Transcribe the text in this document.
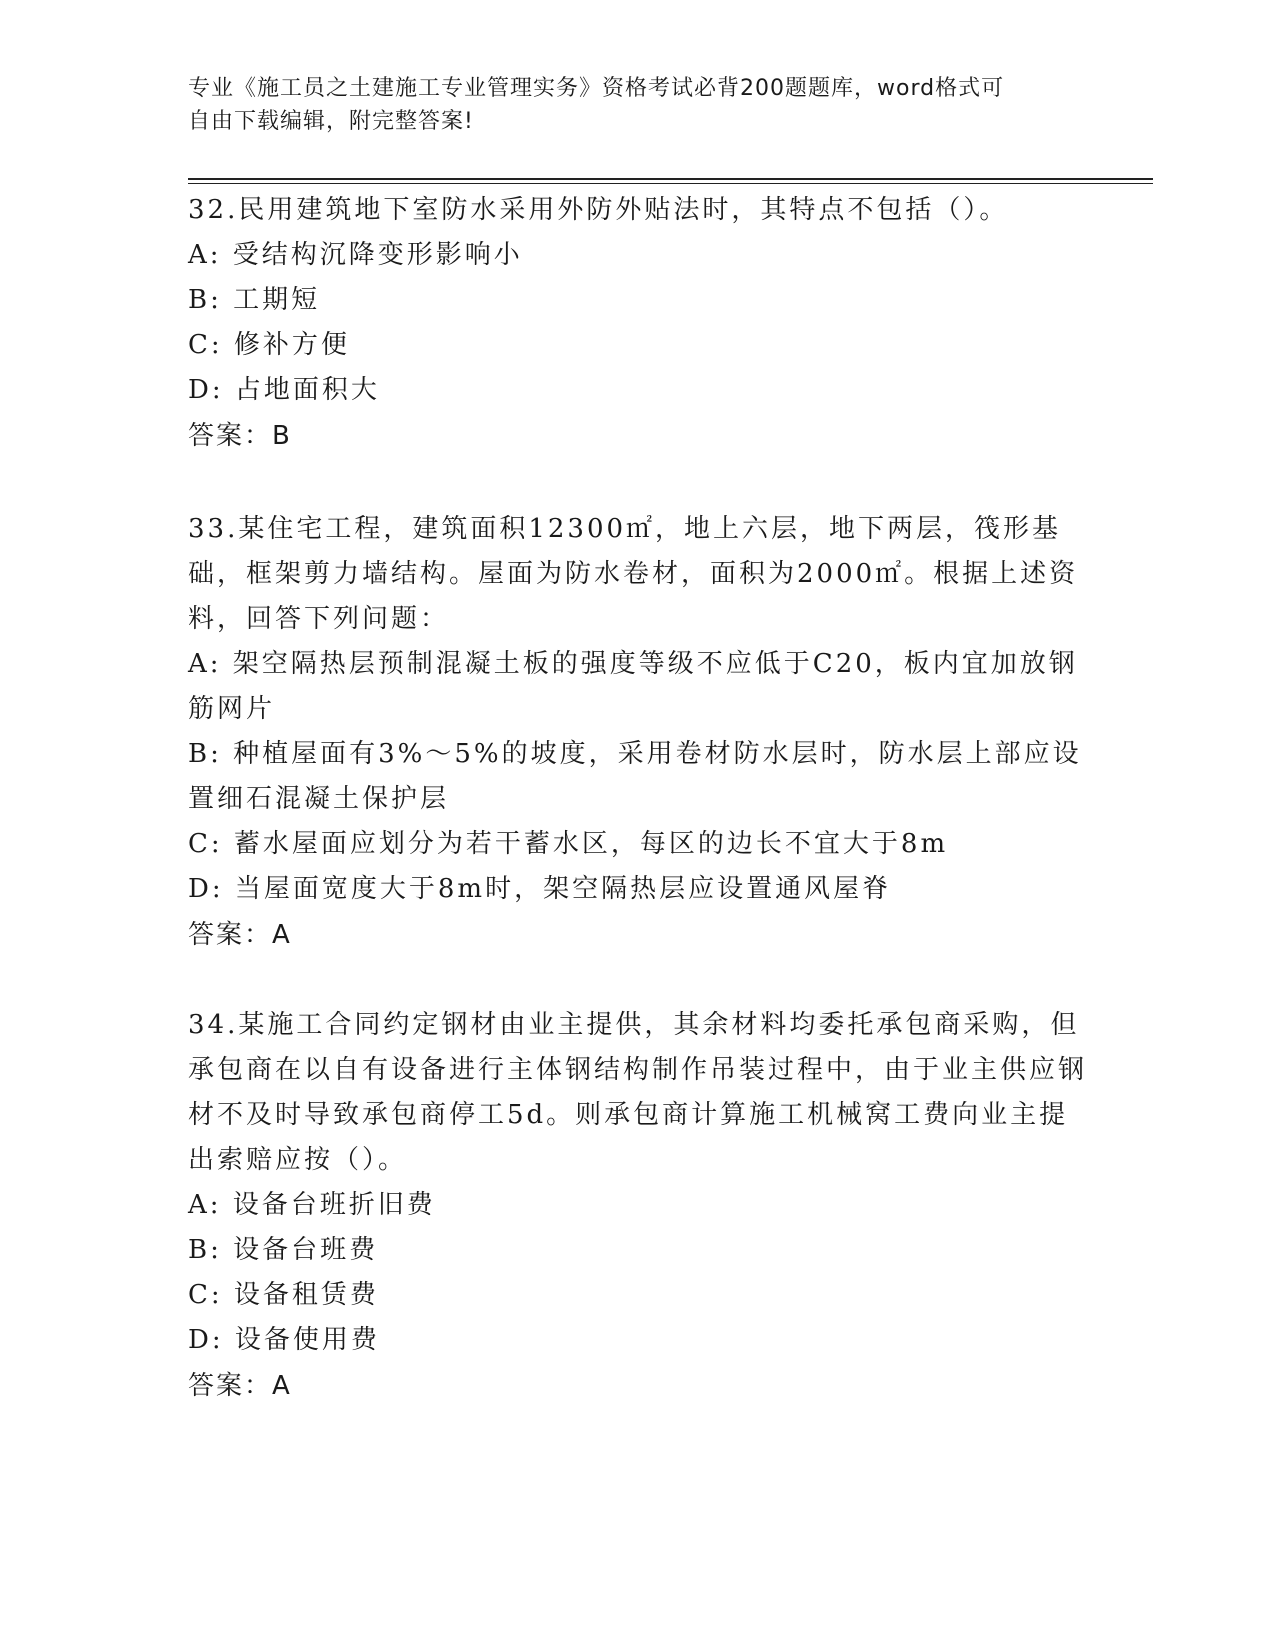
专业《施工员之土建施工专业管理实务》资格考试必背200题题库，word格式可
自由下载编辑，附完整答案!
32.民用建筑地下室防水采用外防外贴法时，其特点不包括（）。
A: 受结构沉降变形影响小
B: 工期短
C: 修补方便
D: 占地面积大
答案：B
33.某住宅工程，建筑面积12300㎡，地上六层，地下两层，筏形基础，框架剪力墙结构。屋面为防水卷材，面积为2000㎡。根据上述资料，回答下列问题：
A: 架空隔热层预制混凝土板的强度等级不应低于C20，板内宜加放钢筋网片
B: 种植屋面有3%～5%的坡度，采用卷材防水层时，防水层上部应设置细石混凝土保护层
C: 蓄水屋面应划分为若干蓄水区，每区的边长不宜大于8m
D: 当屋面宽度大于8m时，架空隔热层应设置通风屋脊
答案：A
34.某施工合同约定钢材由业主提供，其余材料均委托承包商采购，但承包商在以自有设备进行主体钢结构制作吊装过程中，由于业主供应钢材不及时导致承包商停工5d。则承包商计算施工机械窝工费向业主提出索赔应按（）。
A: 设备台班折旧费
B: 设备台班费
C: 设备租赁费
D: 设备使用费
答案：A
